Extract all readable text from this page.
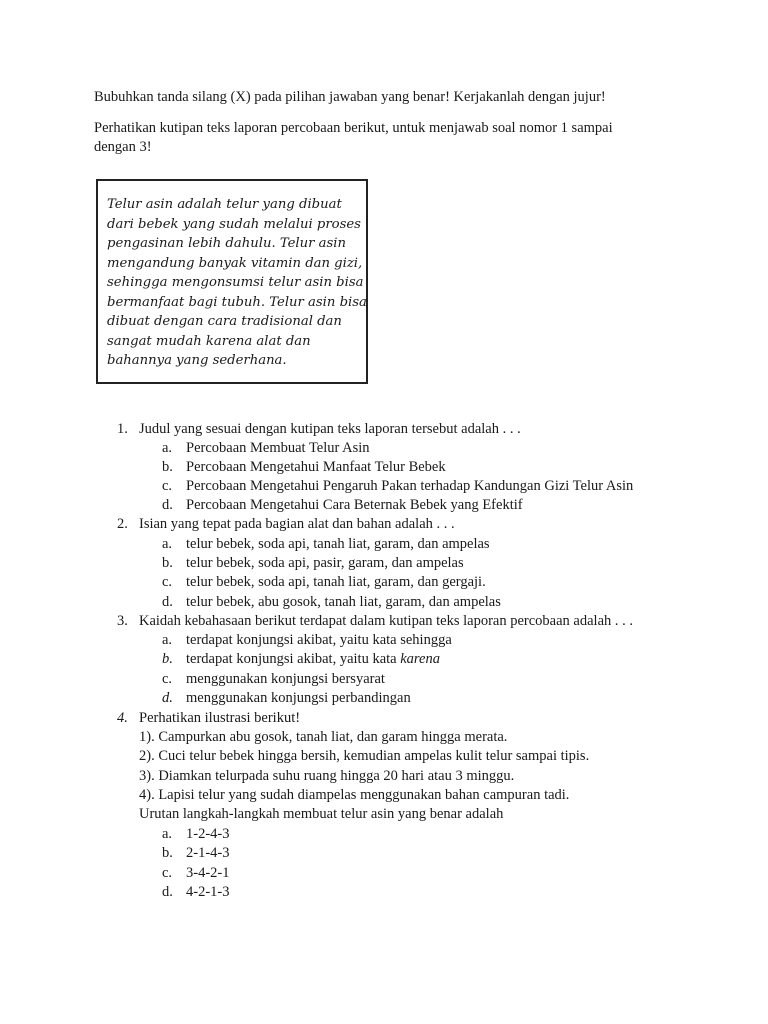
Bubuhkan tanda silang (X) pada pilihan jawaban yang benar! Kerjakanlah dengan jujur!
Perhatikan kutipan teks laporan percobaan berikut, untuk menjawab soal nomor 1 sampai
dengan 3!
Telur asin adalah telur yang dibuat
dari bebek yang sudah melalui proses
pengasinan lebih dahulu. Telur asin
mengandung banyak vitamin dan gizi,
sehingga mengonsumsi telur asin bisa
bermanfaat bagi tubuh. Telur asin bisa
dibuat dengan cara tradisional dan
sangat mudah karena alat dan
bahannya yang sederhana.
1. Judul yang sesuai dengan kutipan teks laporan tersebut adalah . . .
a. Percobaan Membuat Telur Asin
b. Percobaan Mengetahui Manfaat Telur Bebek
c. Percobaan Mengetahui Pengaruh Pakan terhadap Kandungan Gizi Telur Asin
d. Percobaan Mengetahui Cara Beternak Bebek yang Efektif
2. Isian yang tepat pada bagian alat dan bahan adalah . . .
a. telur bebek, soda api, tanah liat, garam, dan ampelas
b. telur bebek, soda api, pasir, garam, dan ampelas
c. telur bebek, soda api, tanah liat, garam, dan gergaji.
d. telur bebek, abu gosok, tanah liat, garam, dan ampelas
3. Kaidah kebahasaan berikut terdapat dalam kutipan teks laporan percobaan adalah . . .
a. terdapat konjungsi akibat, yaitu kata sehingga
b. terdapat konjungsi akibat, yaitu kata karena
c. menggunakan konjungsi bersyarat
d. menggunakan konjungsi perbandingan
4. Perhatikan ilustrasi berikut!
1). Campurkan abu gosok, tanah liat, dan garam hingga merata.
2). Cuci telur bebek hingga bersih, kemudian ampelas kulit telur sampai tipis.
3). Diamkan telurpada suhu ruang hingga 20 hari atau 3 minggu.
4). Lapisi telur yang sudah diampelas menggunakan bahan campuran tadi.
Urutan langkah-langkah membuat telur asin yang benar adalah
a. 1-2-4-3
b. 2-1-4-3
c. 3-4-2-1
d. 4-2-1-3
